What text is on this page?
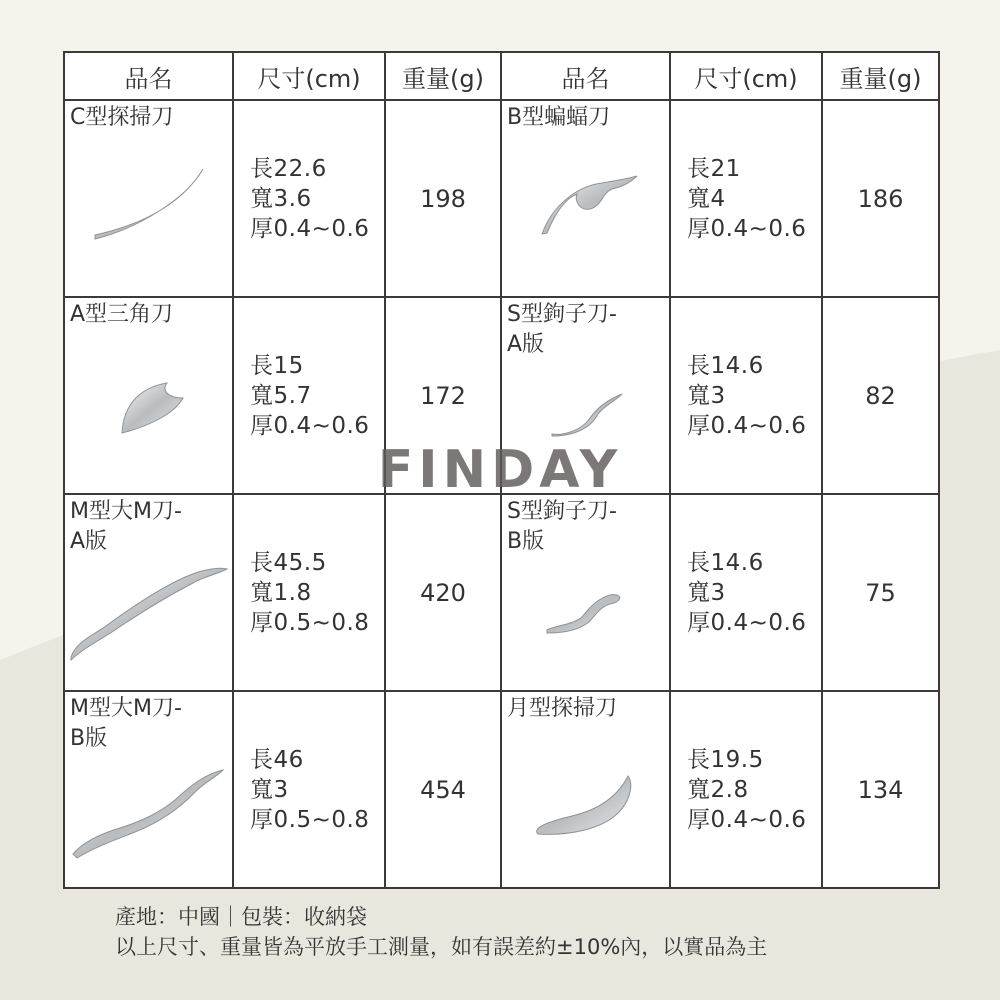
品名	尺寸(cm)	重量(g)	品名	尺寸(cm)	重量(g)

C型探掃刀	長22.6
寬3.6
厚0.4~0.6	198	B型蝙蝠刀	長21
寬4
厚0.4~0.6	186

A型三角刀	長15
寬5.7
厚0.4~0.6	172	S型鉤子刀-
A版	長14.6
寬3
厚0.4~0.6	82

M型大M刀-
A版	長45.5
寬1.8
厚0.5~0.8	420	S型鉤子刀-
B版	長14.6
寬3
厚0.4~0.6	75

M型大M刀-
B版	長46
寬3
厚0.5~0.8	454	月型探掃刀	長19.5
寬2.8
厚0.4~0.6	134
FINDAY
產地：中國｜包裝：收納袋
以上尺寸、重量皆為平放手工測量，如有誤差約±10%內，以實品為主
